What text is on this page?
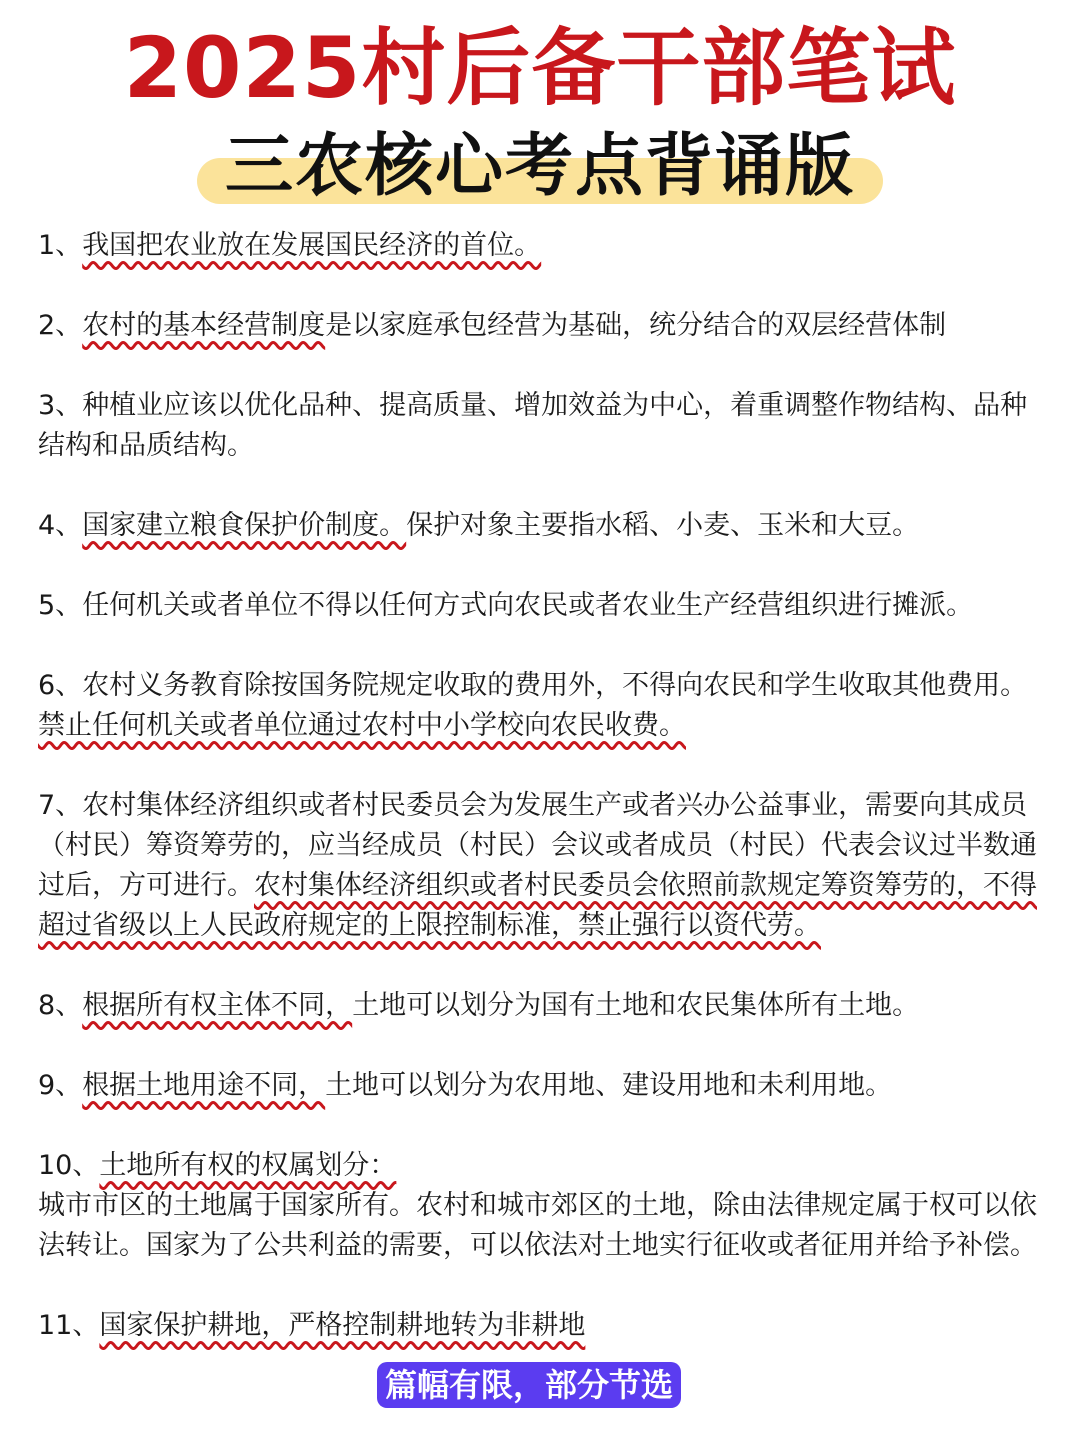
2025村后备干部笔试
三农核心考点背诵版

1、我国把农业放在发展国民经济的首位。

2、农村的基本经营制度是以家庭承包经营为基础，统分结合的双层经营体制

3、种植业应该以优化品种、提高质量、增加效益为中心，着重调整作物结构、品种结构和品质结构。

4、国家建立粮食保护价制度。保护对象主要指水稻、小麦、玉米和大豆。

5、任何机关或者单位不得以任何方式向农民或者农业生产经营组织进行摊派。

6、农村义务教育除按国务院规定收取的费用外，不得向农民和学生收取其他费用。 禁止任何机关或者单位通过农村中小学校向农民收费。

7、农村集体经济组织或者村民委员会为发展生产或者兴办公益事业，需要向其成员（村民）筹资筹劳的，应当经成员（村民）会议或者成员（村民）代表会议过半数通过后，方可进行。农村集体经济组织或者村民委员会依照前款规定筹资筹劳的，不得超过省级以上人民政府规定的上限控制标准，禁止强行以资代劳。

8、根据所有权主体不同，土地可以划分为国有土地和农民集体所有土地。

9、根据土地用途不同，土地可以划分为农用地、建设用地和未利用地。

10、土地所有权的权属划分：

城市市区的土地属于国家所有。农村和城市郊区的土地，除由法律规定属于权可以依法转让。国家为了公共利益的需要，可以依法对土地实行征收或者征用并给予补偿。

11、国家保护耕地，严格控制耕地转为非耕地

篇幅有限，部分节选
